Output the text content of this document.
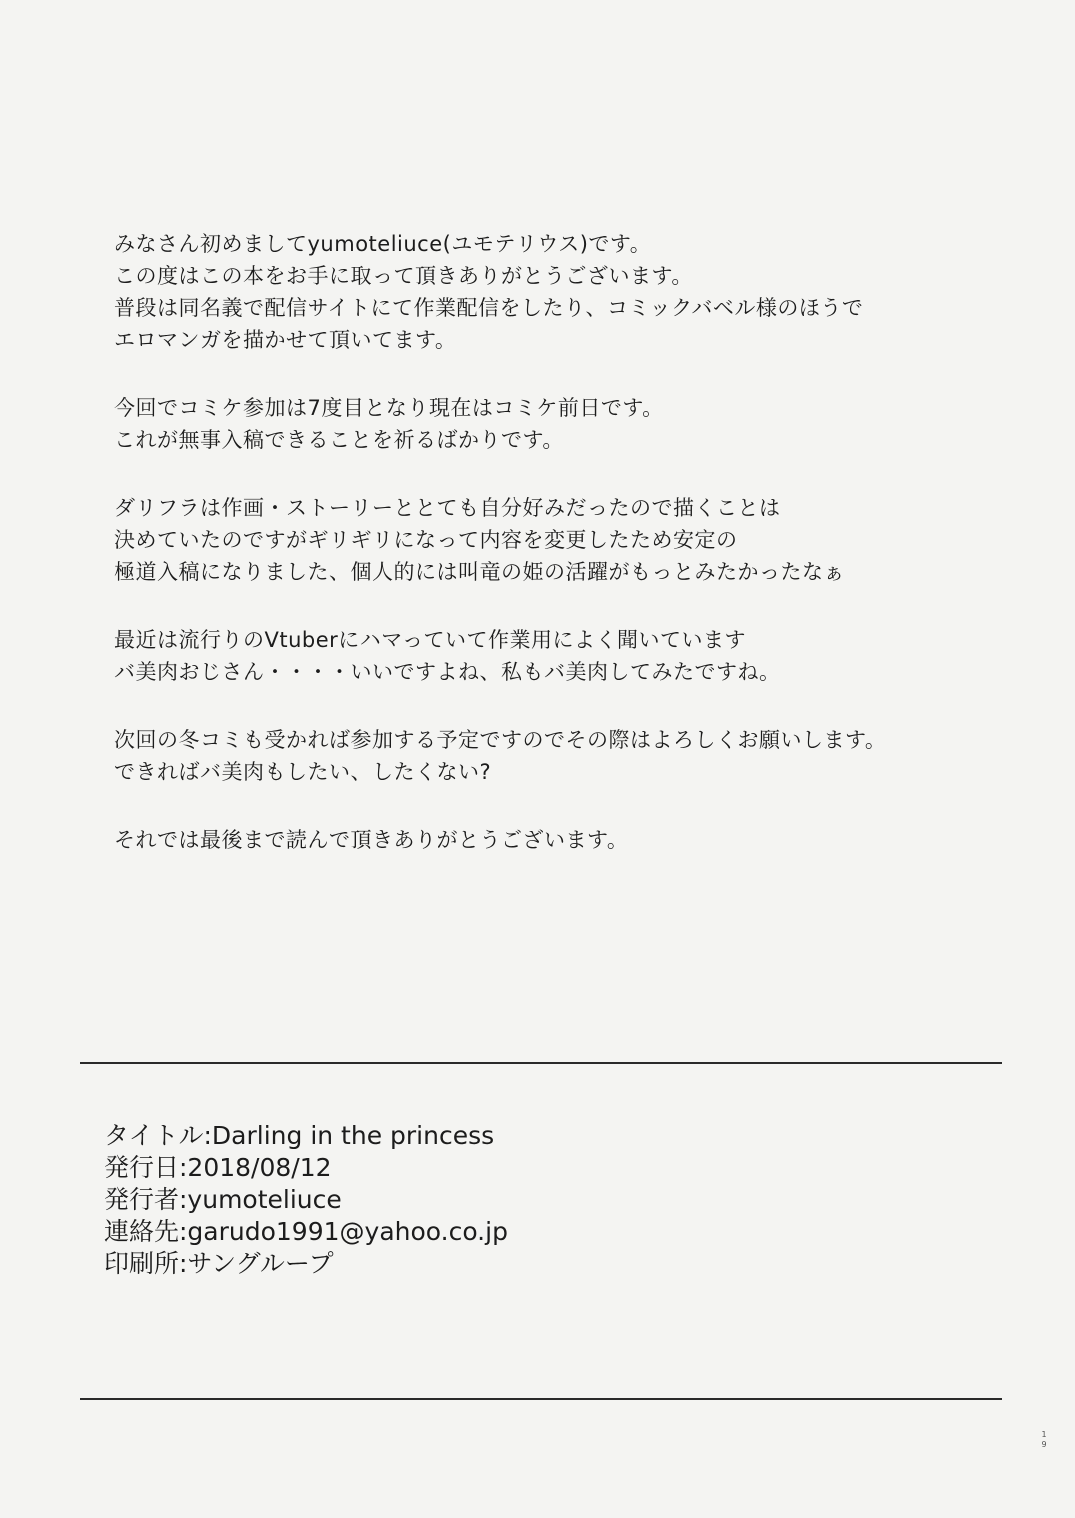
みなさん初めましてyumoteliuce(ユモテリウス)です。
この度はこの本をお手に取って頂きありがとうございます。
普段は同名義で配信サイトにて作業配信をしたり、コミックバベル様のほうで
エロマンガを描かせて頂いてます。
今回でコミケ参加は7度目となり現在はコミケ前日です。
これが無事入稿できることを祈るばかりです。
ダリフラは作画・ストーリーととても自分好みだったので描くことは
決めていたのですがギリギリになって内容を変更したため安定の
極道入稿になりました、個人的には叫竜の姫の活躍がもっとみたかったなぁ
最近は流行りのVtuberにハマっていて作業用によく聞いています
バ美肉おじさん・・・・いいですよね、私もバ美肉してみたですね。
次回の冬コミも受かれば参加する予定ですのでその際はよろしくお願いします。
できればバ美肉もしたい、したくない?
それでは最後まで読んで頂きありがとうございます。
タイトル:Darling in the princess
発行日:2018/08/12
発行者:yumoteliuce
連絡先:garudo1991@yahoo.co.jp
印刷所:サングループ
19
